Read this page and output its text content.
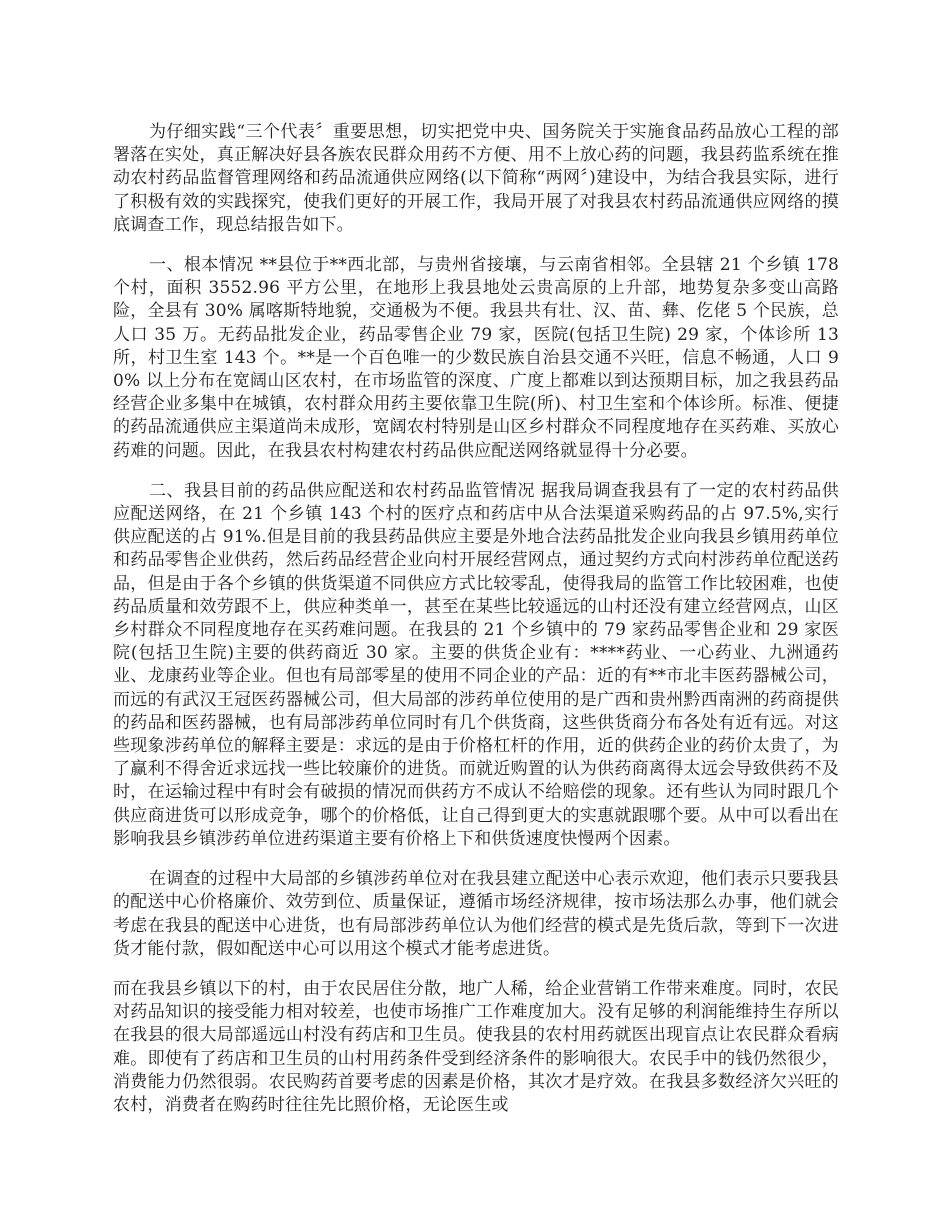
为仔细实践“三个代表〞重要思想，切实把党中央、国务院关于实施食品药品放心工程的部署落在实处，真正解决好县各族农民群众用药不方便、用不上放心药的问题，我县药监系统在推动农村药品监督管理网络和药品流通供应网络(以下简称“两网〞)建设中，为结合我县实际，进行了积极有效的实践探究，使我们更好的开展工作，我局开展了对我县农村药品流通供应网络的摸底调查工作，现总结报告如下。

一、根本情况 **县位于**西北部，与贵州省接壤，与云南省相邻。全县辖 21 个乡镇 178 个村，面积 3552.96 平方公里，在地形上我县地处云贵高原的上升部，地势复杂多变山高路险，全县有 30% 属喀斯特地貌，交通极为不便。我县共有壮、汉、苗、彝、仡佬 5 个民族，总人口 35 万。无药品批发企业，药品零售企业 79 家，医院(包括卫生院) 29 家，个体诊所 13 所，村卫生室 143 个。**是一个百色唯一的少数民族自治县交通不兴旺，信息不畅通，人口 90% 以上分布在宽阔山区农村，在市场监管的深度、广度上都难以到达预期目标，加之我县药品经营企业多集中在城镇，农村群众用药主要依靠卫生院(所)、村卫生室和个体诊所。标准、便捷的药品流通供应主渠道尚未成形，宽阔农村特别是山区乡村群众不同程度地存在买药难、买放心药难的问题。因此，在我县农村构建农村药品供应配送网络就显得十分必要。

二、我县目前的药品供应配送和农村药品监管情况 据我局调查我县有了一定的农村药品供应配送网络，在 21 个乡镇 143 个村的医疗点和药店中从合法渠道采购药品的占 97.5%,实行供应配送的占 91%.但是目前的我县药品供应主要是外地合法药品批发企业向我县乡镇用药单位和药品零售企业供药，然后药品经营企业向村开展经营网点，通过契约方式向村涉药单位配送药品，但是由于各个乡镇的供货渠道不同供应方式比较零乱，使得我局的监管工作比较困难，也使药品质量和效劳跟不上，供应种类单一，甚至在某些比较遥远的山村还没有建立经营网点，山区乡村群众不同程度地存在买药难问题。在我县的 21 个乡镇中的 79 家药品零售企业和 29 家医院(包括卫生院)主要的供药商近 30 家。主要的供货企业有：****药业、一心药业、九洲通药业、龙康药业等企业。但也有局部零星的使用不同企业的产品：近的有**市北丰医药器械公司，而远的有武汉王冠医药器械公司，但大局部的涉药单位使用的是广西和贵州黔西南洲的药商提供的药品和医药器械，也有局部涉药单位同时有几个供货商，这些供货商分布各处有近有远。对这些现象涉药单位的解释主要是：求远的是由于价格杠杆的作用，近的供药企业的药价太贵了，为了赢利不得舍近求远找一些比较廉价的进货。而就近购置的认为供药商离得太远会导致供药不及时，在运输过程中有时会有破损的情况而供药方不成认不给赔偿的现象。还有些认为同时跟几个供应商进货可以形成竞争，哪个的价格低，让自己得到更大的实惠就跟哪个要。从中可以看出在影响我县乡镇涉药单位进药渠道主要有价格上下和供货速度快慢两个因素。

在调查的过程中大局部的乡镇涉药单位对在我县建立配送中心表示欢迎，他们表示只要我县的配送中心价格廉价、效劳到位、质量保证，遵循市场经济规律，按市场法那么办事，他们就会考虑在我县的配送中心进货，也有局部涉药单位认为他们经营的模式是先货后款，等到下一次进货才能付款，假如配送中心可以用这个模式才能考虑进货。

而在我县乡镇以下的村，由于农民居住分散，地广人稀，给企业营销工作带来难度。同时，农民对药品知识的接受能力相对较差，也使市场推广工作难度加大。没有足够的利润能维持生存所以在我县的很大局部遥远山村没有药店和卫生员。使我县的农村用药就医出现盲点让农民群众看病难。即使有了药店和卫生员的山村用药条件受到经济条件的影响很大。农民手中的钱仍然很少，消费能力仍然很弱。农民购药首要考虑的因素是价格，其次才是疗效。在我县多数经济欠兴旺的农村，消费者在购药时往往先比照价格，无论医生或
